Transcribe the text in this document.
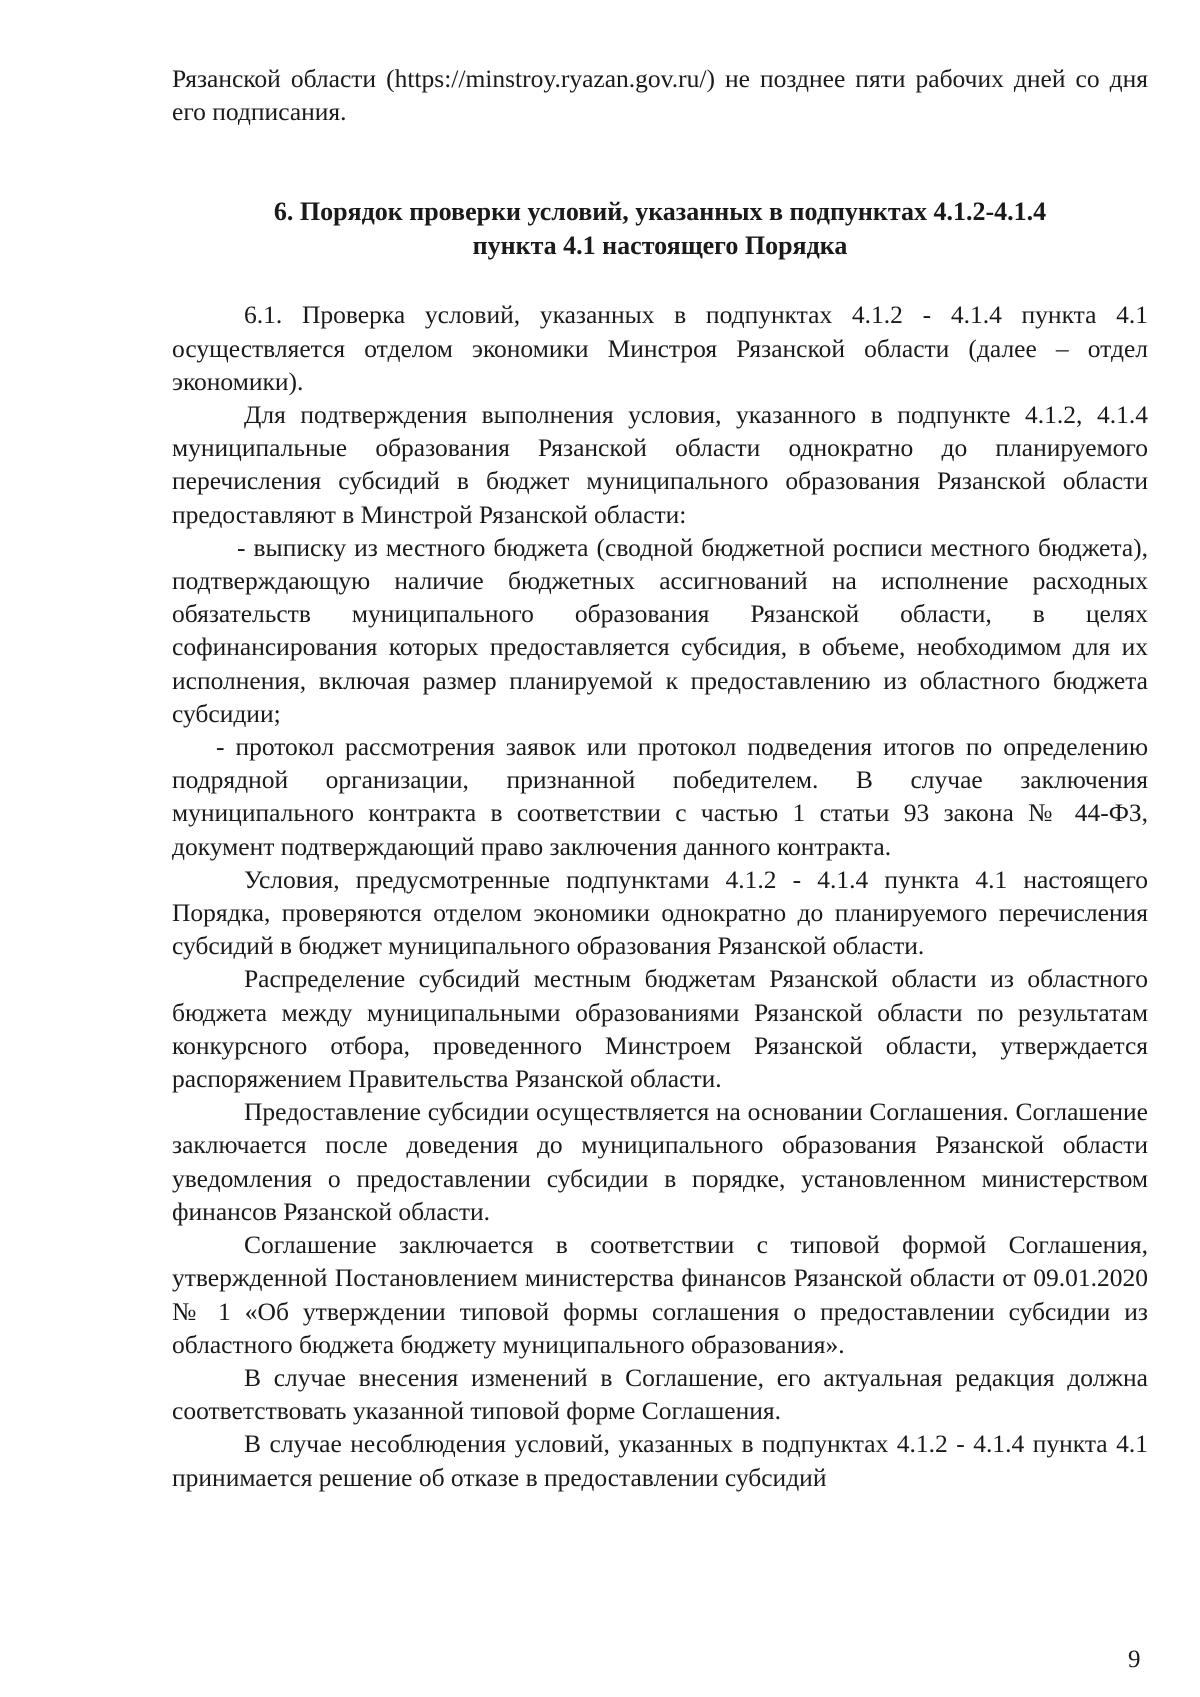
Рязанской области (https://minstroy.ryazan.gov.ru/) не позднее пяти рабочих дней со дня его подписания.

6. Порядок проверки условий, указанных в подпунктах 4.1.2-4.1.4
пункта 4.1 настоящего Порядка

6.1. Проверка условий, указанных в подпунктах 4.1.2 - 4.1.4 пункта 4.1 осуществляется отделом экономики Минстроя Рязанской области (далее – отдел экономики).

Для подтверждения выполнения условия, указанного в подпункте 4.1.2, 4.1.4 муниципальные образования Рязанской области однократно до планируемого перечисления субсидий в бюджет муниципального образования Рязанской области предоставляют в Минстрой Рязанской области:

- выписку из местного бюджета (сводной бюджетной росписи местного бюджета), подтверждающую наличие бюджетных ассигнований на исполнение расходных обязательств муниципального образования Рязанской области, в целях софинансирования которых предоставляется субсидия, в объеме, необходимом для их исполнения, включая размер планируемой к предоставлению из областного бюджета субсидии;

- протокол рассмотрения заявок или протокол подведения итогов по определению подрядной организации, признанной победителем. В случае заключения муниципального контракта в соответствии с частью 1 статьи 93 закона № 44-ФЗ, документ подтверждающий право заключения данного контракта.

Условия, предусмотренные подпунктами 4.1.2 - 4.1.4 пункта 4.1 настоящего Порядка, проверяются отделом экономики однократно до планируемого перечисления субсидий в бюджет муниципального образования Рязанской области.

Распределение субсидий местным бюджетам Рязанской области из областного бюджета между муниципальными образованиями Рязанской области по результатам конкурсного отбора, проведенного Минстроем Рязанской области, утверждается распоряжением Правительства Рязанской области.

Предоставление субсидии осуществляется на основании Соглашения. Соглашение заключается после доведения до муниципального образования Рязанской области уведомления о предоставлении субсидии в порядке, установленном министерством финансов Рязанской области.

Соглашение заключается в соответствии с типовой формой Соглашения, утвержденной Постановлением министерства финансов Рязанской области от 09.01.2020 № 1 «Об утверждении типовой формы соглашения о предоставлении субсидии из областного бюджета бюджету муниципального образования».

В случае внесения изменений в Соглашение, его актуальная редакция должна соответствовать указанной типовой форме Соглашения.

В случае несоблюдения условий, указанных в подпунктах 4.1.2 - 4.1.4 пункта 4.1 принимается решение об отказе в предоставлении субсидий

9
